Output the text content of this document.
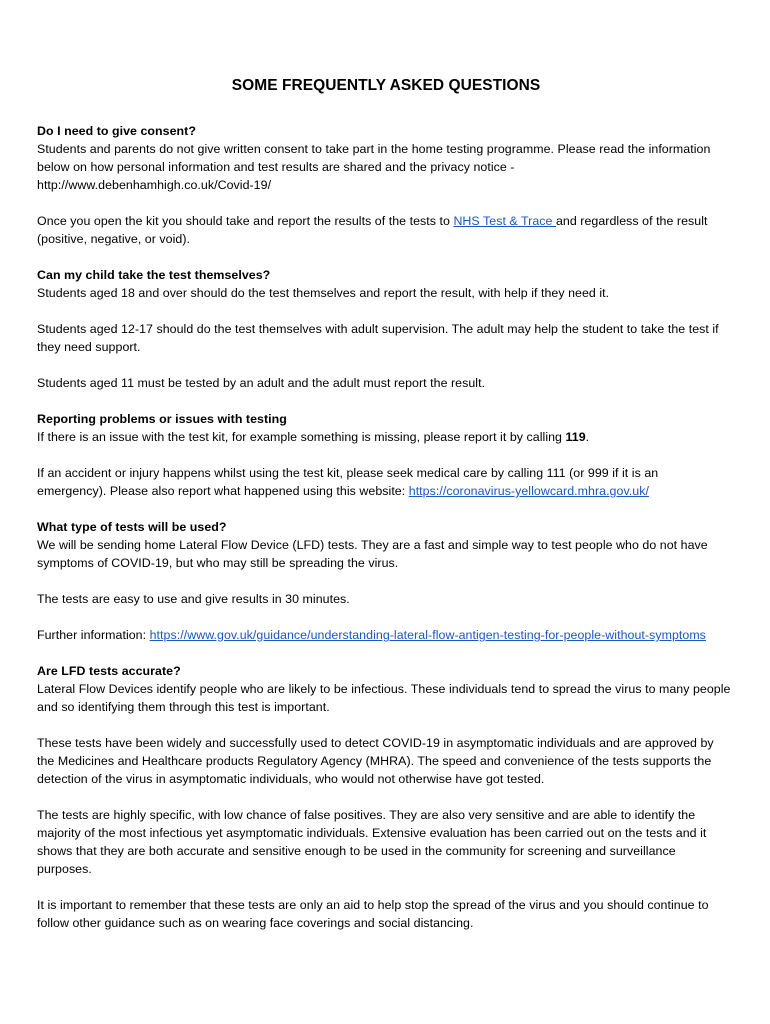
SOME FREQUENTLY ASKED QUESTIONS
Do I need to give consent?

Students and parents do not give written consent to take part in the home testing programme. Please read the information below on how personal information and test results are shared and the privacy notice - http://www.debenhamhigh.co.uk/Covid-19/

Once you open the kit you should take and report the results of the tests to NHS Test & Trace and regardless of the result (positive, negative, or void).

Can my child take the test themselves?

Students aged 18 and over should do the test themselves and report the result, with help if they need it.

Students aged 12-17 should do the test themselves with adult supervision. The adult may help the student to take the test if they need support.

Students aged 11 must be tested by an adult and the adult must report the result.

Reporting problems or issues with testing

If there is an issue with the test kit, for example something is missing, please report it by calling 119.

If an accident or injury happens whilst using the test kit, please seek medical care by calling 111 (or 999 if it is an emergency). Please also report what happened using this website: https://coronavirus-yellowcard.mhra.gov.uk/

What type of tests will be used?

We will be sending home Lateral Flow Device (LFD) tests. They are a fast and simple way to test people who do not have symptoms of COVID-19, but who may still be spreading the virus.

The tests are easy to use and give results in 30 minutes.

Further information: https://www.gov.uk/guidance/understanding-lateral-flow-antigen-testing-for-people-without-symptoms

Are LFD tests accurate?

Lateral Flow Devices identify people who are likely to be infectious. These individuals tend to spread the virus to many people and so identifying them through this test is important.

These tests have been widely and successfully used to detect COVID-19 in asymptomatic individuals and are approved by the Medicines and Healthcare products Regulatory Agency (MHRA). The speed and convenience of the tests supports the detection of the virus in asymptomatic individuals, who would not otherwise have got tested.

The tests are highly specific, with low chance of false positives. They are also very sensitive and are able to identify the majority of the most infectious yet asymptomatic individuals. Extensive evaluation has been carried out on the tests and it shows that they are both accurate and sensitive enough to be used in the community for screening and surveillance purposes.

It is important to remember that these tests are only an aid to help stop the spread of the virus and you should continue to follow other guidance such as on wearing face coverings and social distancing.
